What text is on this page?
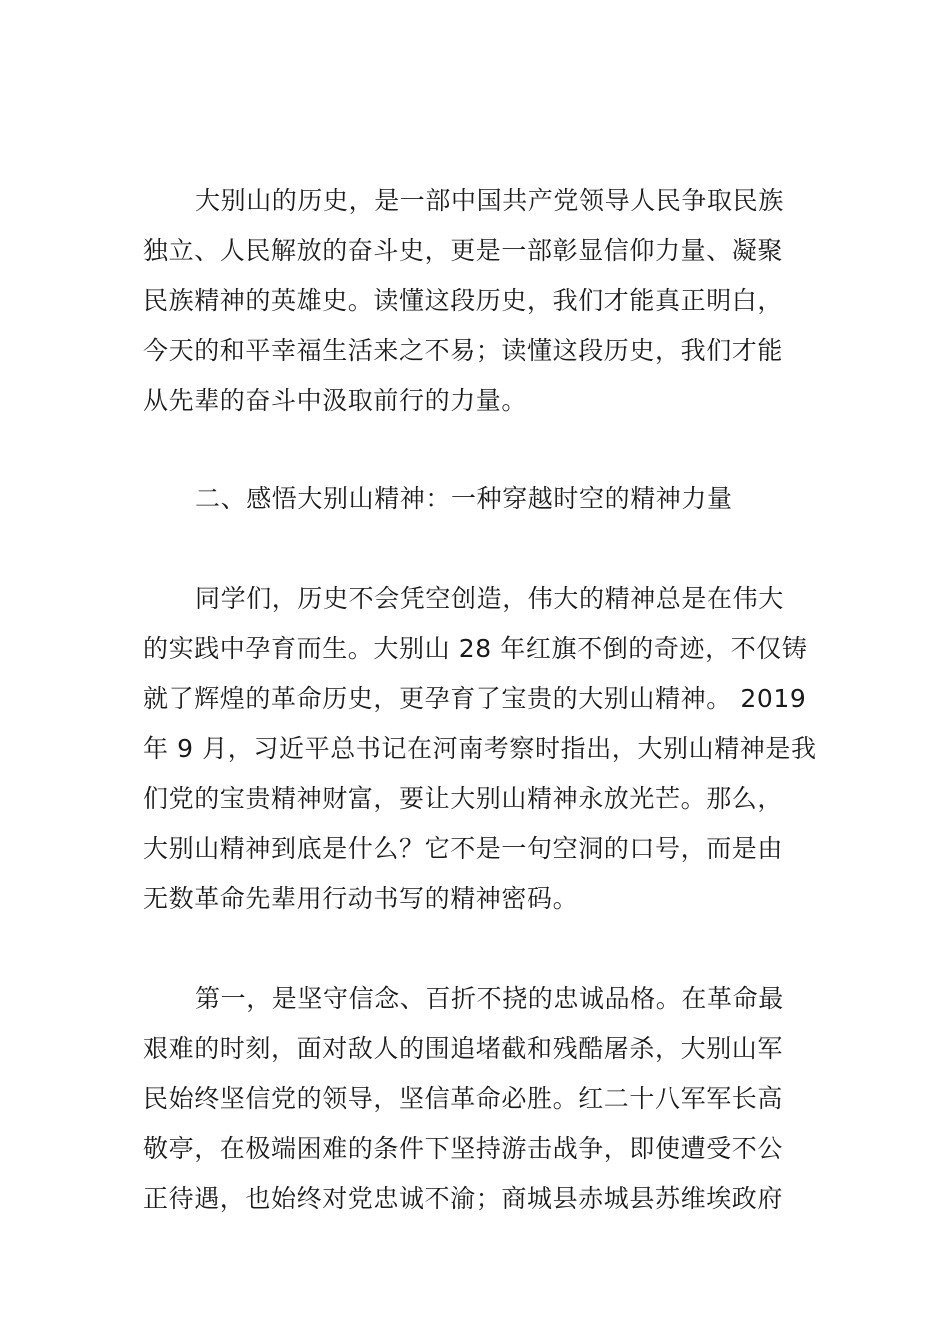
大别山的历史，是一部中国共产党领导人民争取民族
独立、人民解放的奋斗史，更是一部彰显信仰力量、凝聚
民族精神的英雄史。读懂这段历史，我们才能真正明白，
今天的和平幸福生活来之不易；读懂这段历史，我们才能
从先辈的奋斗中汲取前行的力量。
二、感悟大别山精神：一种穿越时空的精神力量
同学们，历史不会凭空创造，伟大的精神总是在伟大
的实践中孕育而生。大别山 28 年红旗不倒的奇迹，不仅铸
就了辉煌的革命历史，更孕育了宝贵的大别山精神。 2019
年 9 月，习近平总书记在河南考察时指出，大别山精神是我
们党的宝贵精神财富，要让大别山精神永放光芒。那么，
大别山精神到底是什么？它不是一句空洞的口号，而是由
无数革命先辈用行动书写的精神密码。
第一，是坚守信念、百折不挠的忠诚品格。在革命最
艰难的时刻，面对敌人的围追堵截和残酷屠杀，大别山军
民始终坚信党的领导，坚信革命必胜。红二十八军军长高
敬亭，在极端困难的条件下坚持游击战争，即使遭受不公
正待遇，也始终对党忠诚不渝；商城县赤城县苏维埃政府
